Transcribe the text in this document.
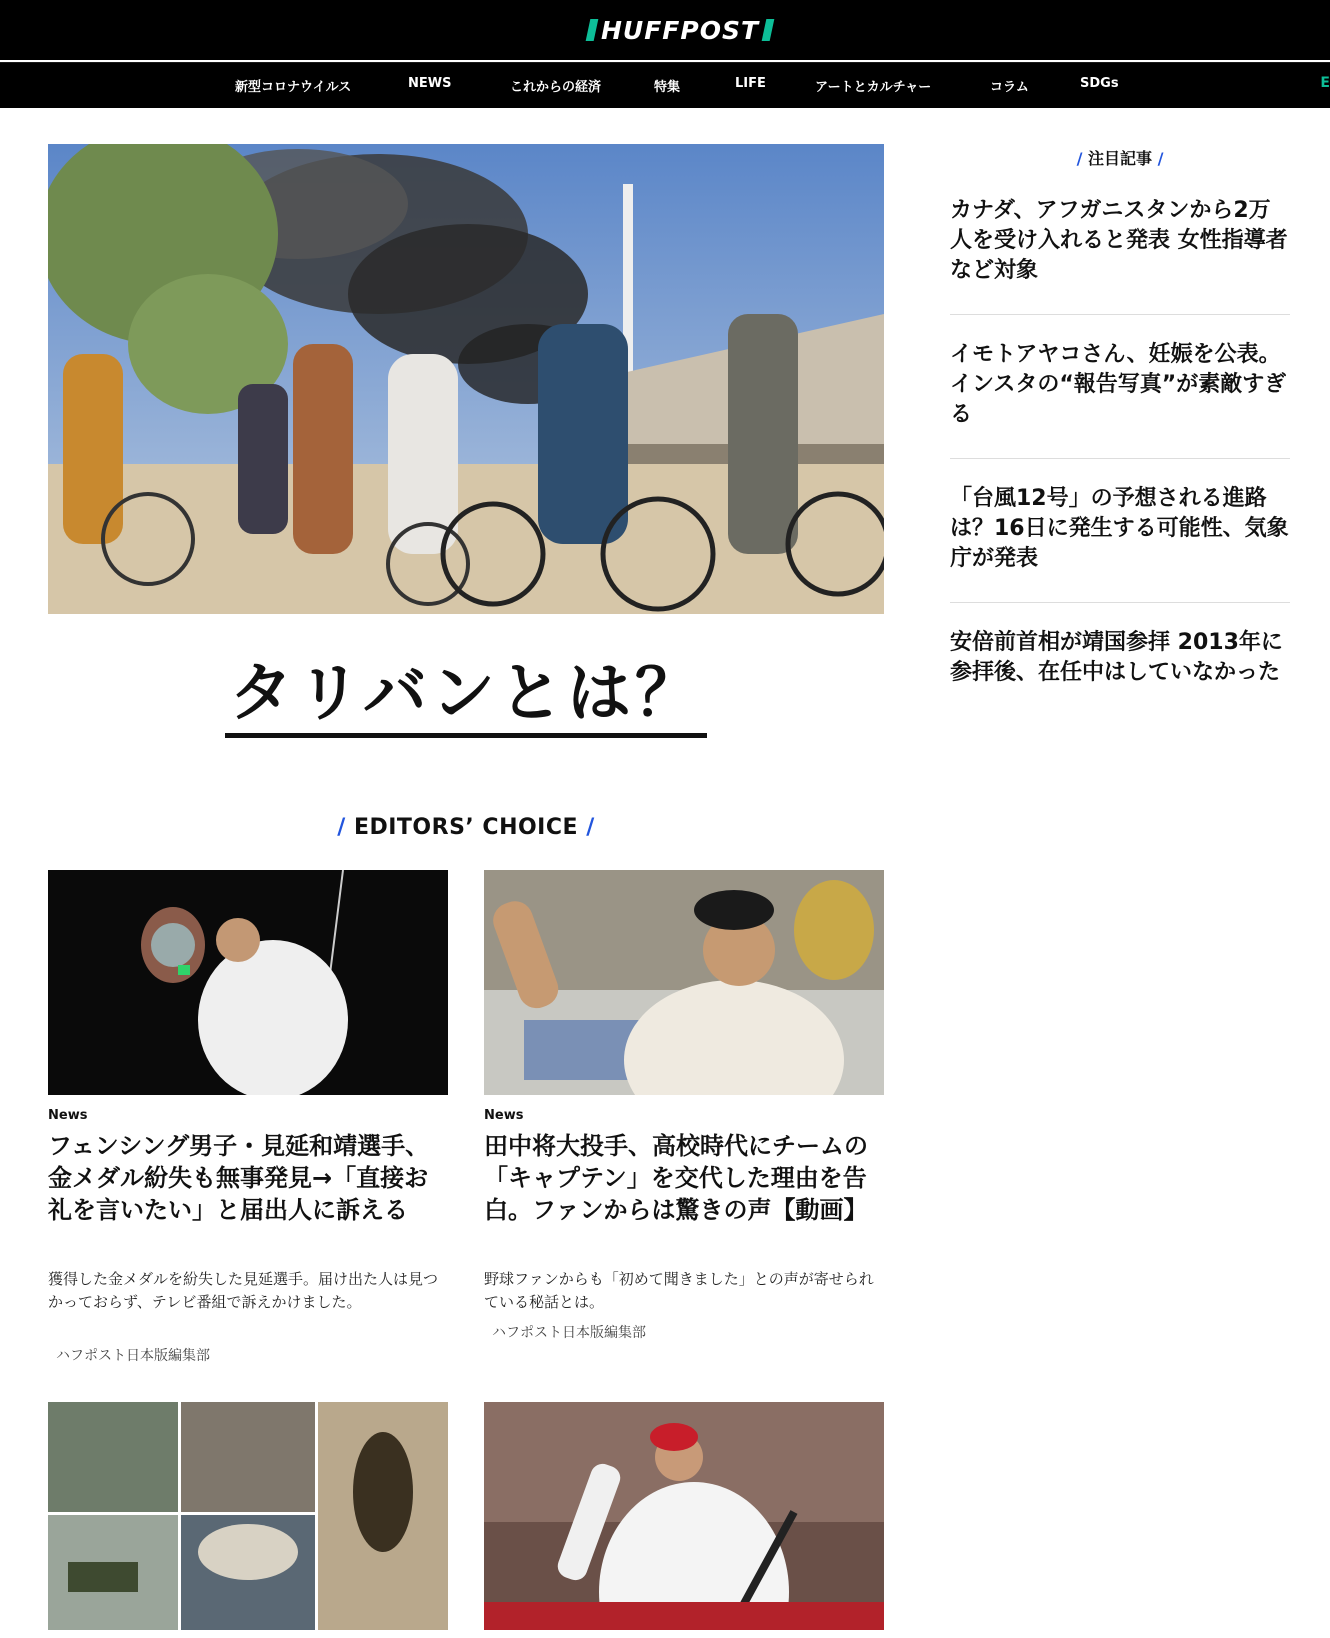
HUFFPOST
新型コロナウイルス	NEWS	これからの経済	特集	LIFE	アートとカルチャー	コラム	SDGs	E
タリバンとは？
/ 注目記事 /
カナダ、アフガニスタンから2万人を受け入れると発表 女性指導者など対象
イモトアヤコさん、妊娠を公表。インスタの“報告写真”が素敵すぎる
「台風12号」の予想される進路は？16日に発生する可能性、気象庁が発表
安倍前首相が靖国参拝 2013年に参拝後、在任中はしていなかった
/ EDITORS’ CHOICE /
News
フェンシング男子・見延和靖選手、金メダル紛失も無事発見→「直接お礼を言いたい」と届出人に訴える
獲得した金メダルを紛失した見延選手。届け出た人は見つかっておらず、テレビ番組で訴えかけました。
ハフポスト日本版編集部
News
田中将大投手、高校時代にチームの「キャプテン」を交代した理由を告白。ファンからは驚きの声【動画】
野球ファンからも「初めて聞きました」との声が寄せられている秘話とは。
ハフポスト日本版編集部
